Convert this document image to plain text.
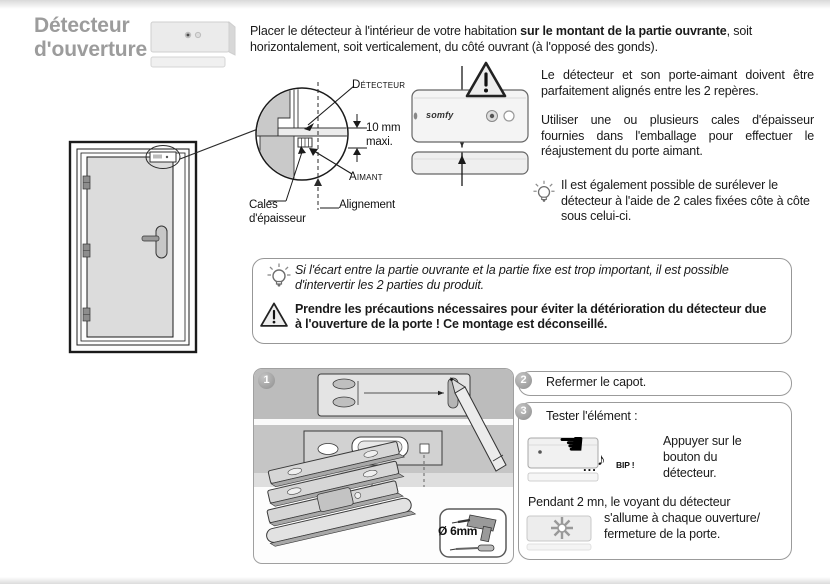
Détecteur d'ouverture
Placer le détecteur à l'intérieur de votre habitation sur le montant de la partie ouvrante, soit horizontalement, soit verticalement, du côté ouvrant (à l'opposé des gonds).
Détecteur
10 mm maxi.
Aimant
Cales d'épaisseur
Alignement
somfy
Le détecteur et son porte-aimant doivent être parfaitement alignés entre les 2 repères.
Utiliser une ou plusieurs cales d'épaisseur fournies dans l'emballage pour effectuer le réajustement du porte aimant.
Il est également possible de surélever le détecteur à l'aide de 2 cales fixées côte à côte sous celui-ci.
Si l'écart entre la partie ouvrante et la partie fixe est trop important, il est possible d'intervertir les 2 parties du produit.
Prendre les précautions nécessaires pour éviter la détérioration du détecteur due à l'ouverture de la porte ! Ce montage est déconseillé.
1
Ø 6mm
Refermer le capot.
2
Tester l'élément :
3
☚
... ♪ BIP !
Appuyer sur le bouton du détecteur.
Pendant 2 mn, le voyant du détecteur
s'allume à chaque ouverture/
fermeture de la porte.
